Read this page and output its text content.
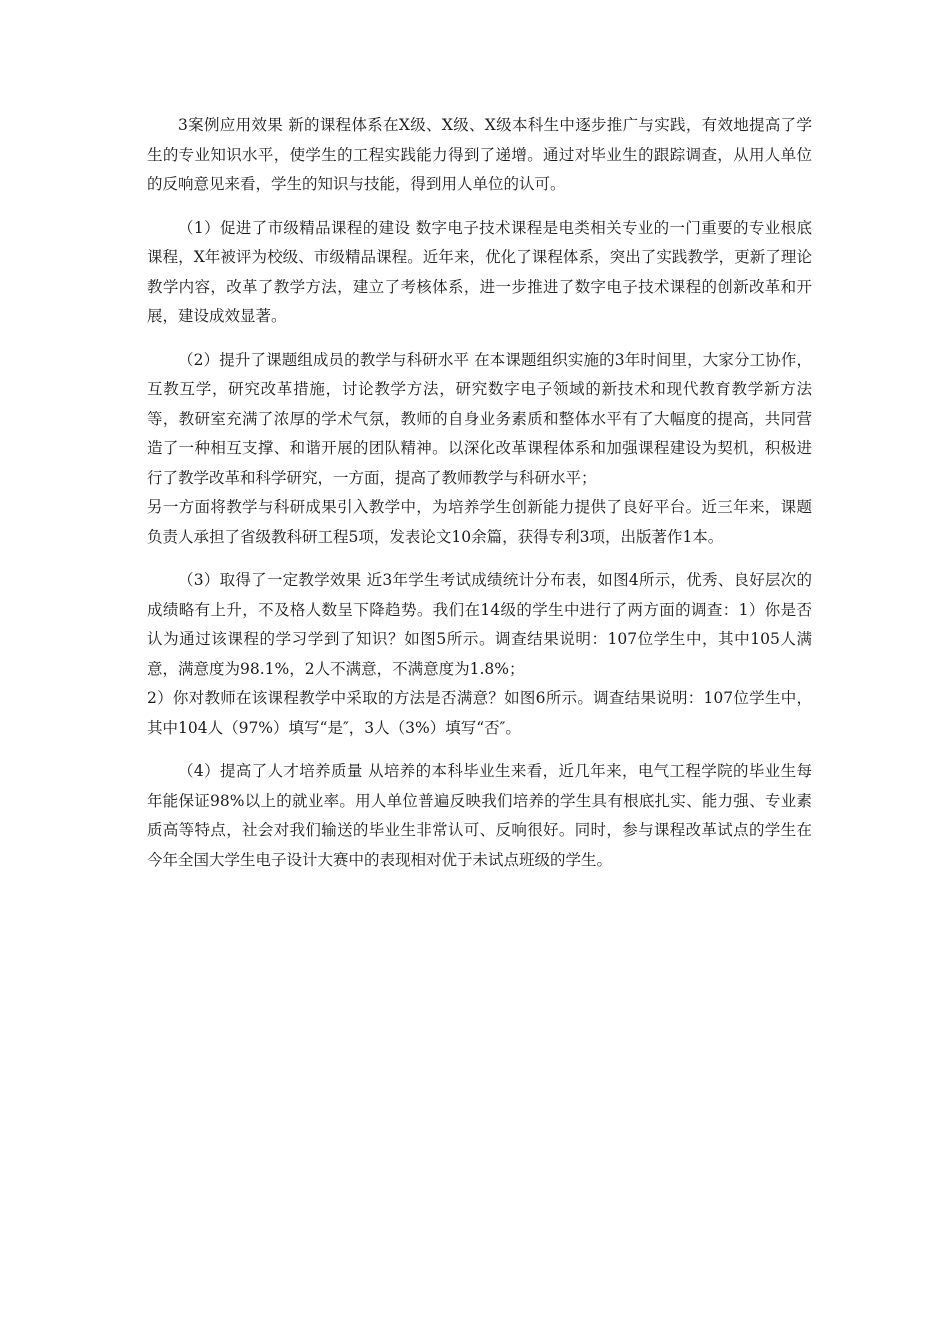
3案例应用效果 新的课程体系在X级、X级、X级本科生中逐步推广与实践，有效地提高了学生的专业知识水平，使学生的工程实践能力得到了递增。通过对毕业生的跟踪调查，从用人单位的反响意见来看，学生的知识与技能，得到用人单位的认可。

（1）促进了市级精品课程的建设 数字电子技术课程是电类相关专业的一门重要的专业根底课程，X年被评为校级、市级精品课程。近年来，优化了课程体系，突出了实践教学，更新了理论教学内容，改革了教学方法，建立了考核体系，进一步推进了数字电子技术课程的创新改革和开展，建设成效显著。

（2）提升了课题组成员的教学与科研水平 在本课题组织实施的3年时间里，大家分工协作，互教互学，研究改革措施，讨论教学方法，研究数字电子领域的新技术和现代教育教学新方法等，教研室充满了浓厚的学术气氛，教师的自身业务素质和整体水平有了大幅度的提高，共同营造了一种相互支撑、和谐开展的团队精神。以深化改革课程体系和加强课程建设为契机，积极进行了教学改革和科学研究，一方面，提高了教师教学与科研水平；

另一方面将教学与科研成果引入教学中，为培养学生创新能力提供了良好平台。近三年来，课题负责人承担了省级教科研工程5项，发表论文10余篇，获得专利3项，出版著作1本。

（3）取得了一定教学效果 近3年学生考试成绩统计分布表，如图4所示，优秀、良好层次的成绩略有上升，不及格人数呈下降趋势。我们在14级的学生中进行了两方面的调查：1）你是否认为通过该课程的学习学到了知识？如图5所示。调查结果说明：107位学生中，其中105人满意，满意度为98.1%，2人不满意，不满意度为1.8%；

2）你对教师在该课程教学中采取的方法是否满意？如图6所示。调查结果说明：107位学生中，其中104人（97%）填写“是″，3人（3%）填写“否″。

（4）提高了人才培养质量 从培养的本科毕业生来看，近几年来，电气工程学院的毕业生每年能保证98%以上的就业率。用人单位普遍反映我们培养的学生具有根底扎实、能力强、专业素质高等特点，社会对我们输送的毕业生非常认可、反响很好。同时，参与课程改革试点的学生在今年全国大学生电子设计大赛中的表现相对优于未试点班级的学生。
